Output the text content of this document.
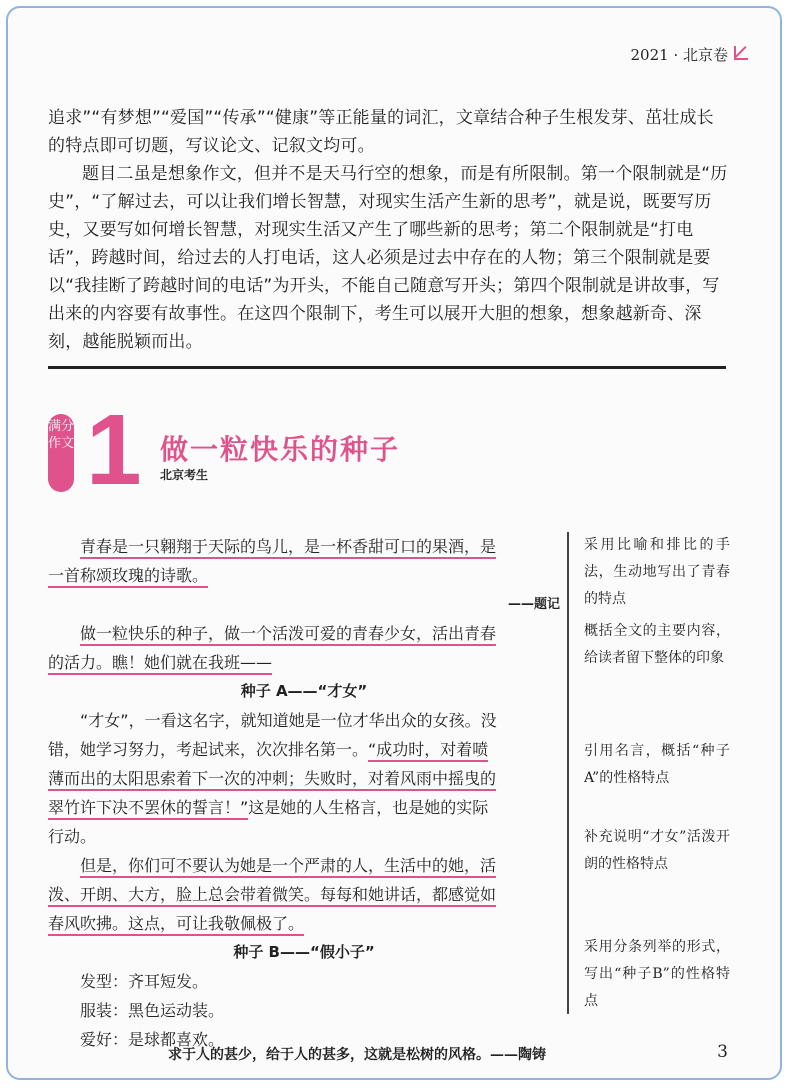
2021 · 北京卷

追求”“有梦想”“爱国”“传承”“健康”等正能量的词汇，文章结合种子生根发芽、茁壮成长的特点即可切题，写议论文、记叙文均可。

题目二虽是想象作文，但并不是天马行空的想象，而是有所限制。第一个限制就是“历史”，“了解过去，可以让我们增长智慧，对现实生活产生新的思考”，就是说，既要写历史，又要写如何增长智慧，对现实生活又产生了哪些新的思考；第二个限制就是“打电话”，跨越时间，给过去的人打电话，这人必须是过去中存在的人物；第三个限制就是要以“我挂断了跨越时间的电话”为开头，不能自己随意写开头；第四个限制就是讲故事，写出来的内容要有故事性。在这四个限制下，考生可以展开大胆的想象，想象越新奇、深刻，越能脱颖而出。

满分作文 1 做一粒快乐的种子
北京考生

青春是一只翱翔于天际的鸟儿，是一杯香甜可口的果酒，是

一首称颂玫瑰的诗歌。

——题记

做一粒快乐的种子，做一个活泼可爱的青春少女，活出青春

的活力。瞧！她们就在我班——

种子 A——“才女”

“才女”，一看这名字，就知道她是一位才华出众的女孩。没

错，她学习努力，考起试来，次次排名第一。“成功时，对着喷

薄而出的太阳思索着下一次的冲刺；失败时，对着风雨中摇曳的

翠竹许下决不罢休的誓言！”这是她的人生格言，也是她的实际

行动。

但是，你们可不要认为她是一个严肃的人，生活中的她，活

泼、开朗、大方，脸上总会带着微笑。每每和她讲话，都感觉如

春风吹拂。这点，可让我敬佩极了。

种子 B——“假小子”

发型：齐耳短发。

服装：黑色运动装。

爱好：是球都喜欢。

采用比喻和排比的手法，生动地写出了青春的特点
概括全文的主要内容，给读者留下整体的印象
引用名言，概括“种子A”的性格特点
补充说明“才女”活泼开朗的性格特点
采用分条列举的形式，写出“种子B”的性格特点
求于人的甚少，给于人的甚多，这就是松树的风格。——陶铸	3
